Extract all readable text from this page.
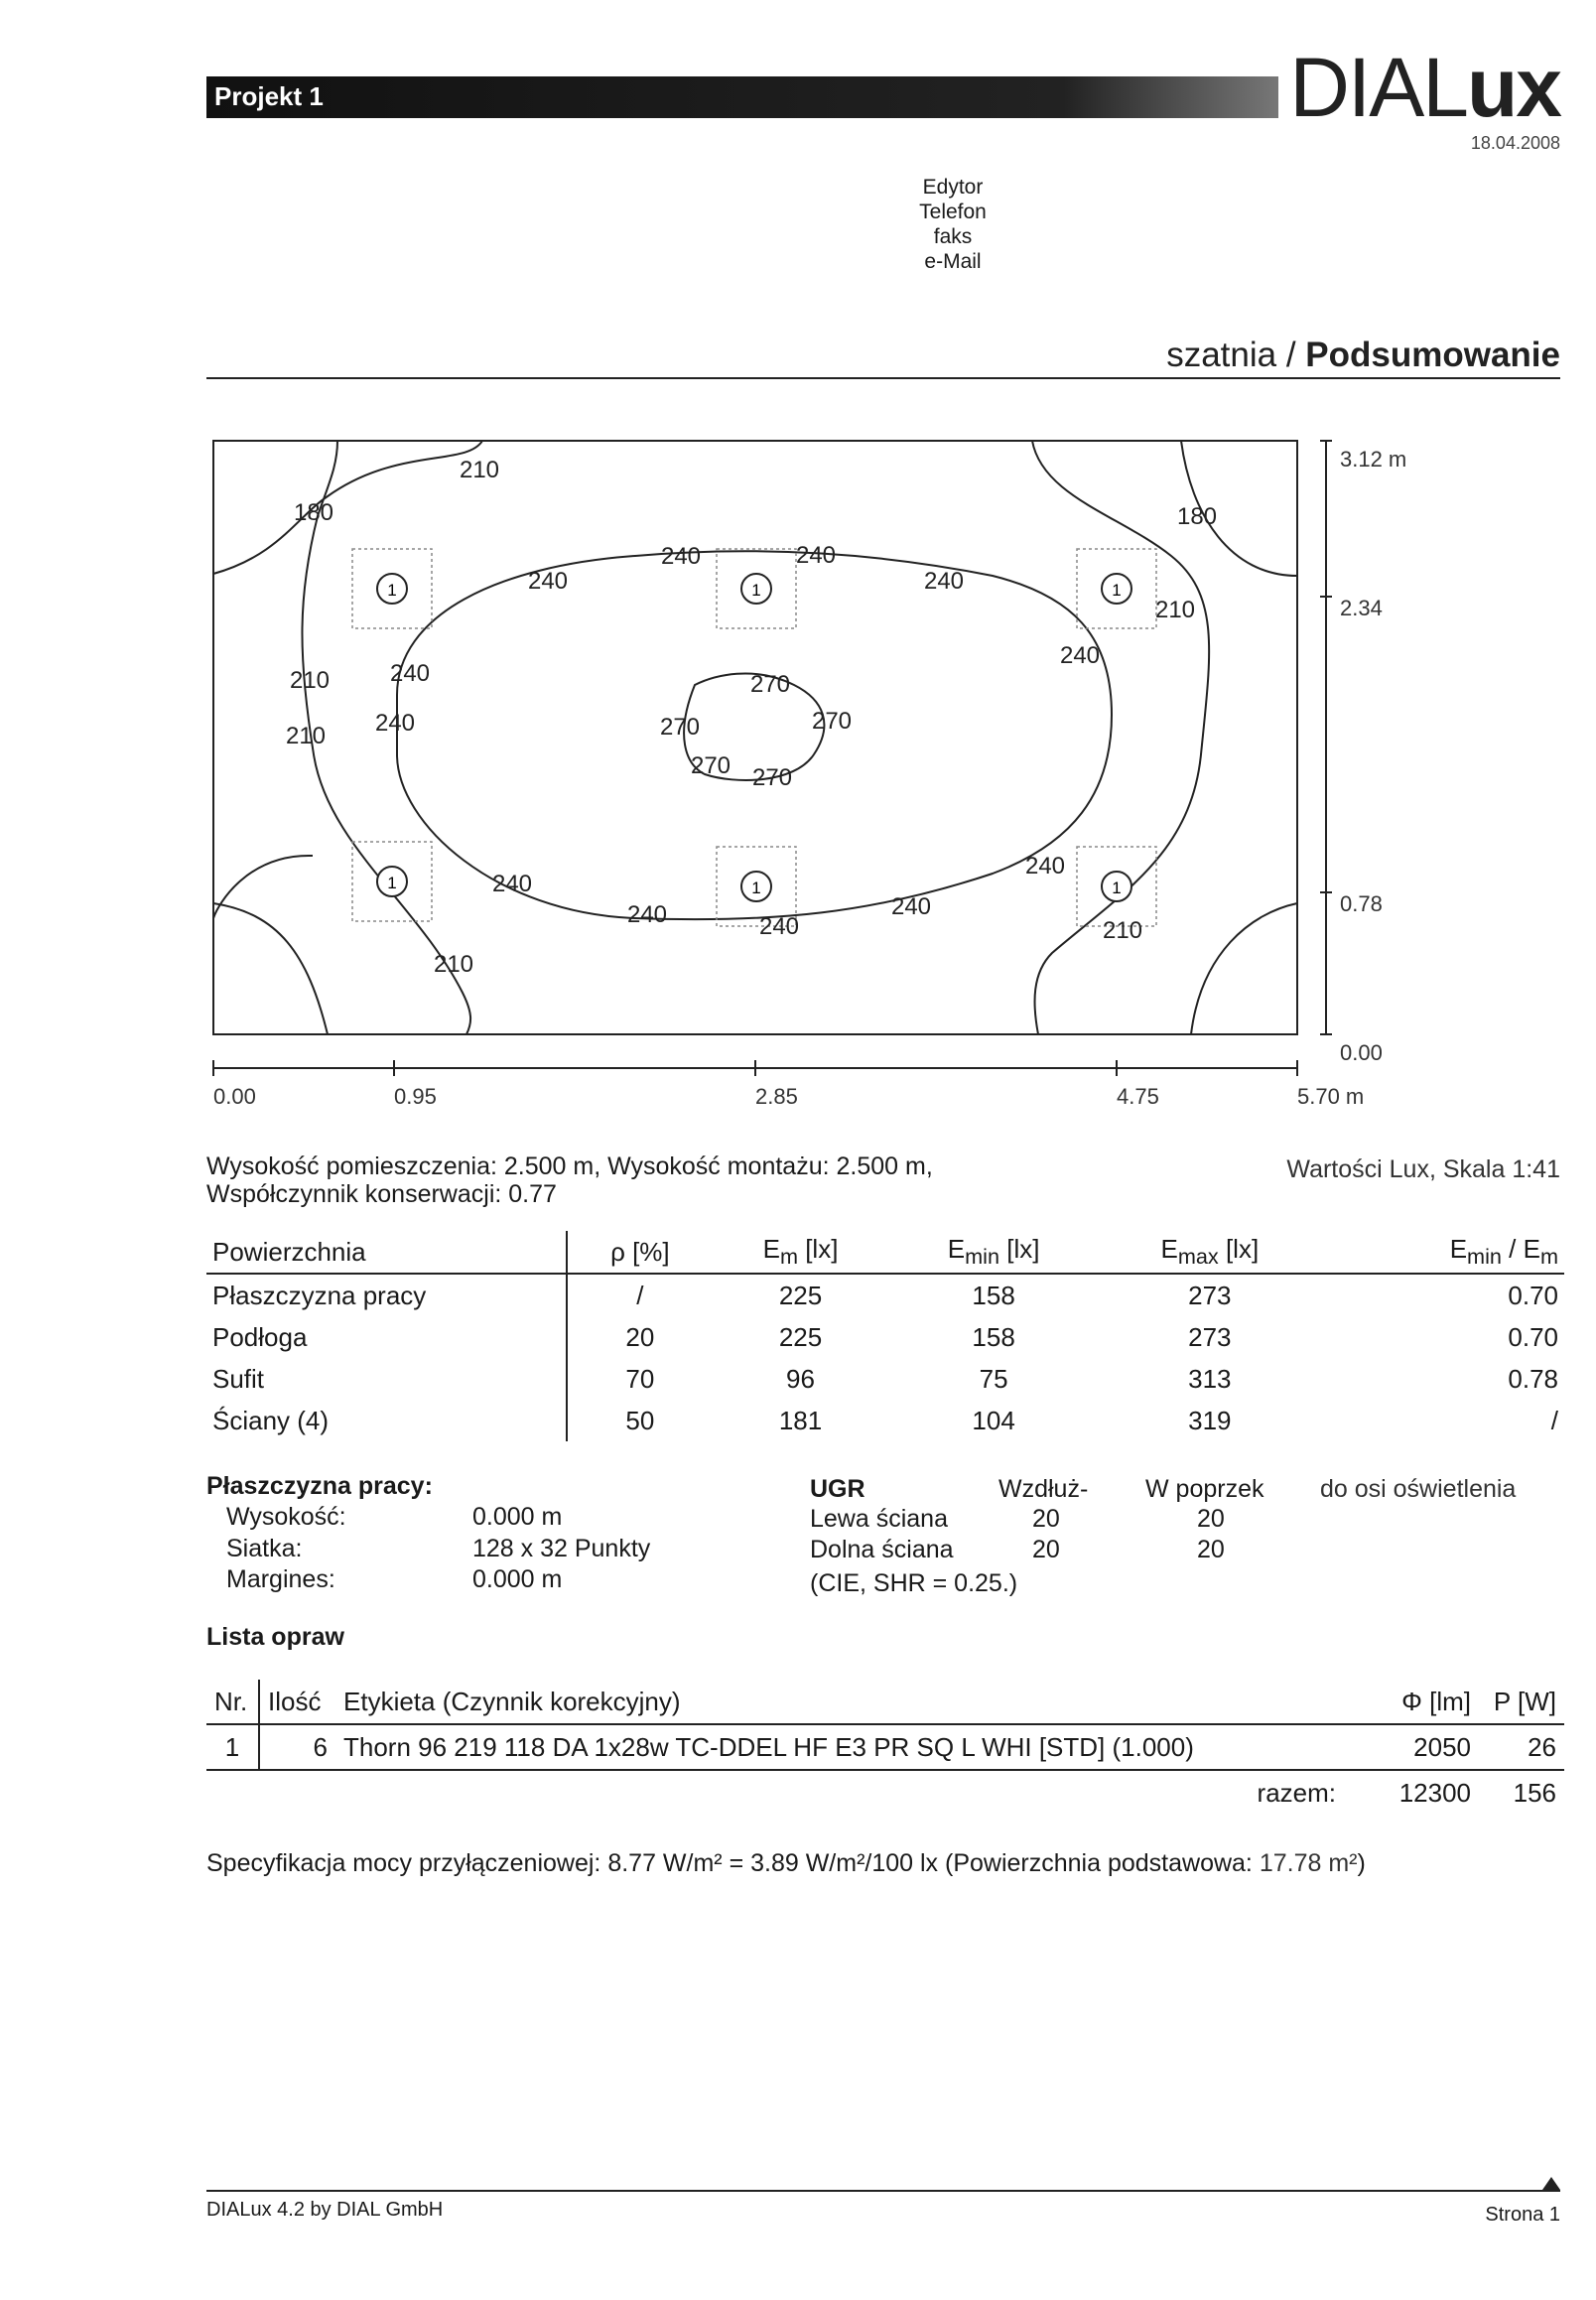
Projekt 1	DIALux
18.04.2008
Edytor
Telefon
faks
e-Mail
szatnia / Podsumowanie
1	1	1
1	1	1
210
180	180
210
210
210
210
210
240
240	240
240
240
240
240
240
240
240	240
240
270
270	270
270 270
3.12 m
2.34
0.78
0.00
0.00	0.95	2.85	4.75	5.70 m
Wysokość pomieszczenia: 2.500 m, Wysokość montażu: 2.500 m,
Współczynnik konserwacji: 0.77
Wartości Lux, Skala 1:41
Powierzchnia	ρ [%]	$E_m$ [lx]	$E_{min}$ [lx]	$E_{max}$ [lx]	$E_{min} / E_m$
Płaszczyzna pracy	/	225	158	273	0.70
Podłoga	20	225	158	273	0.70
Sufit	70	96	75	313	0.78
Ściany (4)	50	181	104	319	/
Płaszczyzna pracy:
Wysokość:	0.000 m
Siatka:	128 x 32 Punkty
Margines:	0.000 m
UGR	Wzdłuż- W poprzek do osi oświetlenia
Lewa ściana	20	20
Dolna ściana	20	20
(CIE, SHR = 0.25.)
Lista opraw
Nr.	Ilość	Etykieta (Czynnik korekcyjny)	Φ [lm]	P [W]
1	6	Thorn 96 219 118 DA 1x28w TC-DDEL HF E3 PR SQ L WHI [STD] (1.000)	2050	26
		razem:	12300	156
Specyfikacja mocy przyłączeniowej: 8.77 W/m² = 3.89 W/m²/100 lx (Powierzchnia podstawowa: 17.78 m²)
DIALux 4.2 by DIAL GmbH	Strona 1
